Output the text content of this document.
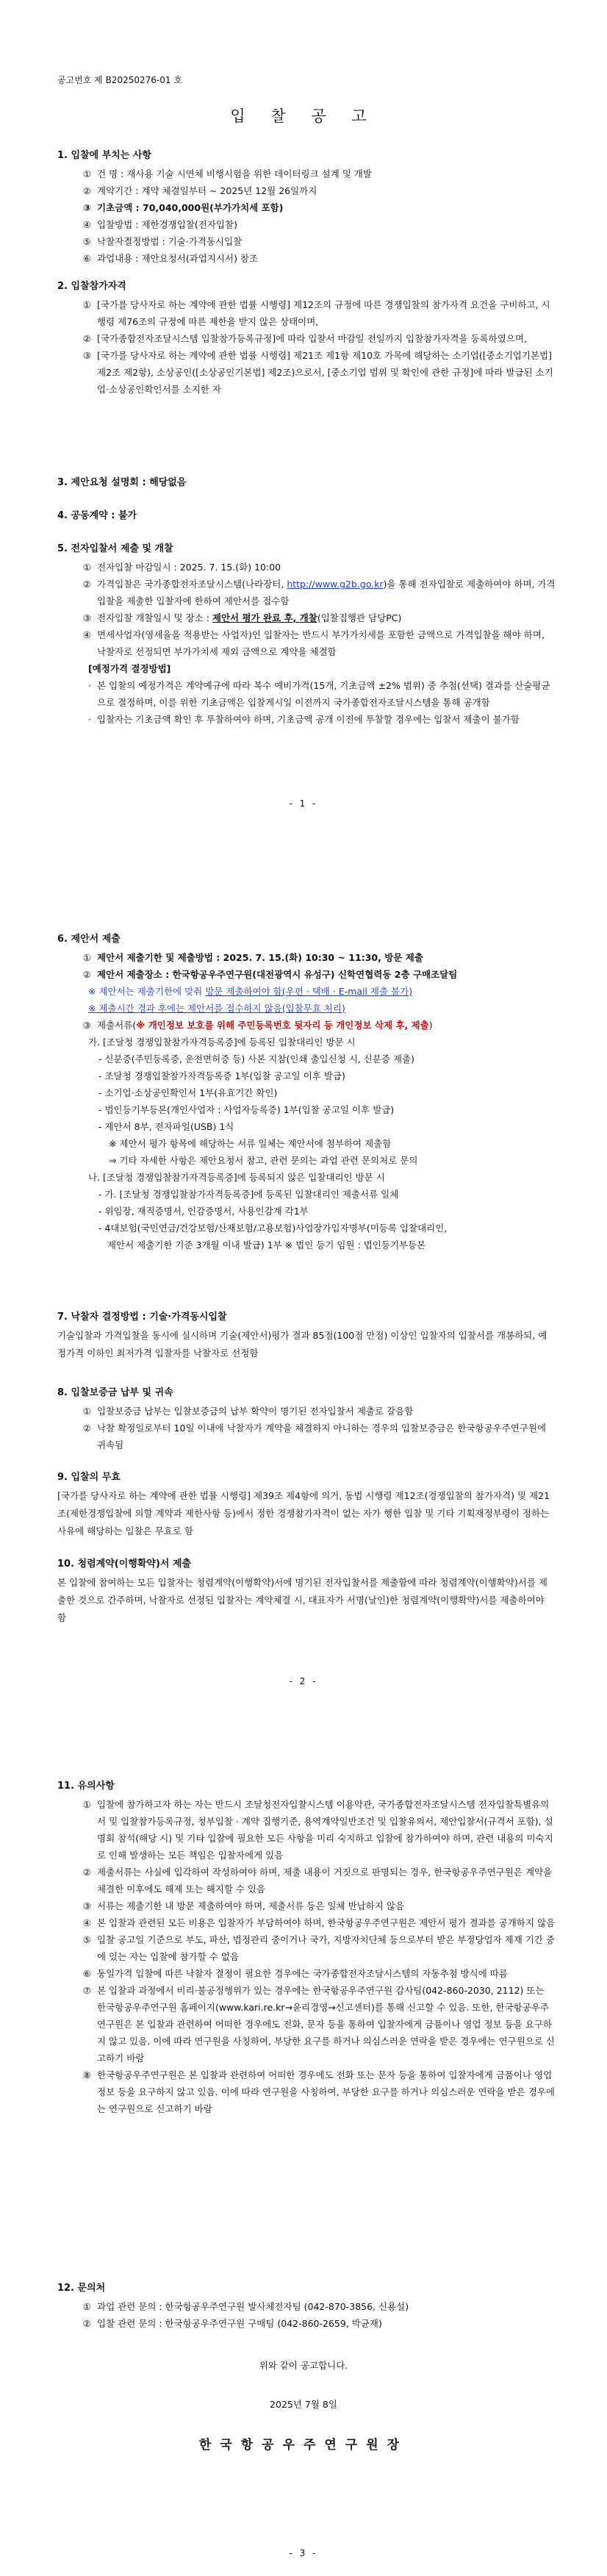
공고번호 제 B20250276-01 호
입 찰 공 고
1. 입찰에 부치는 사항
① 건 명 : 재사용 기술 시연체 비행시험을 위한 데이터링크 설계 및 개발
② 계약기간 : 계약 체결일부터 ~ 2025년 12월 26일까지
③ 기초금액 : 70,040,000원(부가가치세 포함)
④ 입찰방법 : 제한경쟁입찰(전자입찰)
⑤ 낙찰자결정방법 : 기술·가격동시입찰
⑥ 과업내용 : 제안요청서(과업지시서) 참조
2. 입찰참가자격
① [국가를 당사자로 하는 계약에 관한 법률 시행령] 제12조의 규정에 따른 경쟁입찰의 참가자격 요건을 구비하고, 시행령 제76조의 규정에 따른 제한을 받지 않은 상태이며,
② [국가종합전자조달시스템 입찰참가등록규정]에 따라 입찰서 마감일 전일까지 입찰참가자격을 등록하였으며,
③ [국가를 당사자로 하는 계약에 관한 법률 시행령] 제21조 제1항 제10호 가목에 해당하는 소기업([중소기업기본법] 제2조 제2항), 소상공인([소상공인기본법] 제2조)으로서, [중소기업 범위 및 확인에 관한 규정]에 따라 발급된 소기업·소상공인확인서를 소지한 자
3. 제안요청 설명회 : 해당없음
4. 공동계약 : 불가
5. 전자입찰서 제출 및 개찰
① 전자입찰 마감일시 : 2025. 7. 15.(화) 10:00
② 가격입찰은 국가종합전자조달시스템(나라장터, http://www.g2b.go.kr)을 통해 전자입찰로 제출하여야 하며, 가격입찰을 제출한 입찰자에 한하여 제안서를 접수함
③ 전자입찰 개찰일시 및 장소 : 제안서 평가 완료 후, 개찰(입찰집행관 담당PC)
④ 면세사업자(영세율을 적용받는 사업자)인 입찰자는 반드시 부가가치세를 포함한 금액으로 가격입찰을 해야 하며, 낙찰자로 선정되면 부가가치세 제외 금액으로 계약을 체결함
[예정가격 결정방법]
· 본 입찰의 예정가격은 계약예규에 따라 복수 예비가격(15개, 기초금액 ±2% 범위) 중 추첨(선택) 결과를 산술평균으로 결정하며, 이를 위한 기초금액은 입찰게시일 이전까지 국가종합전자조달시스템을 통해 공개함
· 입찰자는 기초금액 확인 후 투찰하여야 하며, 기초금액 공개 이전에 투찰할 경우에는 입찰서 제출이 불가함
- 1 -
6. 제안서 제출
① 제안서 제출기한 및 제출방법 : 2025. 7. 15.(화) 10:30 ~ 11:30, 방문 제출
② 제안서 제출장소 : 한국항공우주연구원(대전광역시 유성구) 신학연협력동 2층 구매조달팀
※ 제안서는 제출기한에 맞춰 방문 제출하여야 함(우편 · 택배 · E-mail 제출 불가)
※ 제출시간 경과 후에는 제안서를 접수하지 않음(입찰무효 처리)
③ 제출서류(※ 개인정보 보호를 위해 주민등록번호 뒷자리 등 개인정보 삭제 후, 제출)
가. [조달청 경쟁입찰참가자격등록증]에 등록된 입찰대리인 방문 시
- 신분증(주민등록증, 운전면허증 등) 사본 지참(인쇄 출입신청 시, 신분증 제출)
- 조달청 경쟁입찰참가자격등록증 1부(입찰 공고일 이후 발급)
- 소기업·소상공인확인서 1부(유효기간 확인)
- 법인등기부등본(개인사업자 : 사업자등록증) 1부(입찰 공고일 이후 발급)
- 제안서 8부, 전자파일(USB) 1식
※ 제안서 평가 항목에 해당하는 서류 일체는 제안서에 첨부하여 제출함
⇒ 기타 자세한 사항은 제안요청서 참고, 관련 문의는 과업 관련 문의처로 문의
나. [조달청 경쟁입찰참가자격등록증]에 등록되지 않은 입찰대리인 방문 시
- 가. [조달청 경쟁입찰참가자격등록증]에 등록된 입찰대리인 제출서류 일체
- 위임장, 재직증명서, 인감증명서, 사용인감계 각1부
- 4대보험(국민연금/건강보험/산재보험/고용보험)사업장가입자명부(미등록 입찰대리인,
제안서 제출기한 기준 3개월 이내 발급) 1부 ※ 법인 등기 임원 : 법인등기부등본
7. 낙찰자 결정방법 : 기술·가격동시입찰
기술입찰과 가격입찰을 동시에 실시하며 기술(제안서)평가 결과 85점(100점 만점) 이상인 입찰자의 입찰서를 개봉하되, 예정가격 이하인 최저가격 입찰자를 낙찰자로 선정함
8. 입찰보증금 납부 및 귀속
① 입찰보증금 납부는 입찰보증금의 납부 확약이 명기된 전자입찰서 제출로 갈음함
② 낙찰 확정일로부터 10일 이내에 낙찰자가 계약을 체결하지 아니하는 경우의 입찰보증금은 한국항공우주연구원에 귀속됨
9. 입찰의 무효
[국가를 당사자로 하는 계약에 관한 법률 시행령] 제39조 제4항에 의거, 동법 시행령 제12조(경쟁입찰의 참가자격) 및 제21조(제한경쟁입찰에 의할 계약과 제한사항 등)에서 정한 경쟁참가자격이 없는 자가 행한 입찰 및 기타 기획재정부령이 정하는 사유에 해당하는 입찰은 무효로 함
10. 청렴계약(이행확약)서 제출
본 입찰에 참여하는 모든 입찰자는 청렴계약(이행확약)서에 명기된 전자입찰서를 제출함에 따라 청렴계약(이행확약)서를 제출한 것으로 간주하며, 낙찰자로 선정된 입찰자는 계약체결 시, 대표자가 서명(날인)한 청렴계약(이행확약)서를 제출하여야 함
- 2 -
11. 유의사항
① 입찰에 참가하고자 하는 자는 반드시 조달청전자입찰시스템 이용약관, 국가종합전자조달시스템 전자입찰특별유의서 및 입찰참가등록규정, 청부입찰 · 계약 집행기준, 용역계약일반조건 및 입찰유의서, 제안입찰서(규격서 포함), 설명회 참석(해당 시) 및 기타 입찰에 필요한 모든 사항을 미리 숙지하고 입찰에 참가하여야 하며, 관련 내용의 미숙지로 인해 발생하는 모든 책임은 입찰자에게 있음
② 제출서류는 사실에 입각하여 작성하여야 하며, 제출 내용이 거짓으로 판명되는 경우, 한국항공우주연구원은 계약을 체결한 이후에도 해제 또는 해지할 수 있음
③ 서류는 제출기한 내 방문 제출하여야 하며, 제출서류 등은 일체 반납하지 않음
④ 본 입찰과 관련된 모든 비용은 입찰자가 부담하여야 하며, 한국항공우주연구원은 제안서 평가 결과를 공개하지 않음
⑤ 입찰 공고일 기준으로 부도, 파산, 법정관리 중이거나 국가, 지방자치단체 등으로부터 받은 부정당업자 제재 기간 중에 있는 자는 입찰에 참가할 수 없음
⑥ 동일가격 입찰에 따른 낙찰자 결정이 필요한 경우에는 국가종합전자조달시스템의 자동추첨 방식에 따름
⑦ 본 입찰과 과정에서 비리·불공정행위가 있는 경우에는 한국항공우주연구원 감사팀(042-860-2030, 2112) 또는 한국항공우주연구원 홈페이지(www.kari.re.kr→윤리경영→신고센터)를 통해 신고할 수 있음. 또한, 한국항공우주연구원은 본 입찰과 관련하여 어떠한 경우에도 전화, 문자 등을 통하여 입찰자에게 금품이나 영업 정보 등을 요구하지 않고 있음. 이에 따라 연구원을 사칭하여, 부당한 요구를 하거나 의심스러운 연락을 받은 경우에는 연구원으로 신고하기 바람
⑧ 한국항공우주연구원은 본 입찰과 관련하여 어떠한 경우에도 전화 또는 문자 등을 통하여 입찰자에게 금품이나 영업 정보 등을 요구하지 않고 있음. 이에 따라 연구원을 사칭하여, 부당한 요구를 하거나 의심스러운 연락을 받은 경우에는 연구원으로 신고하기 바람
12. 문의처
① 과업 관련 문의 : 한국항공우주연구원 발사체전자팀 (042-870-3856, 신용설)
② 입찰 관련 문의 : 한국항공우주연구원 구매팀 (042-860-2659, 박균재)
위와 같이 공고합니다.
2025년 7월 8일
한국항공우주연구원장
- 3 -
